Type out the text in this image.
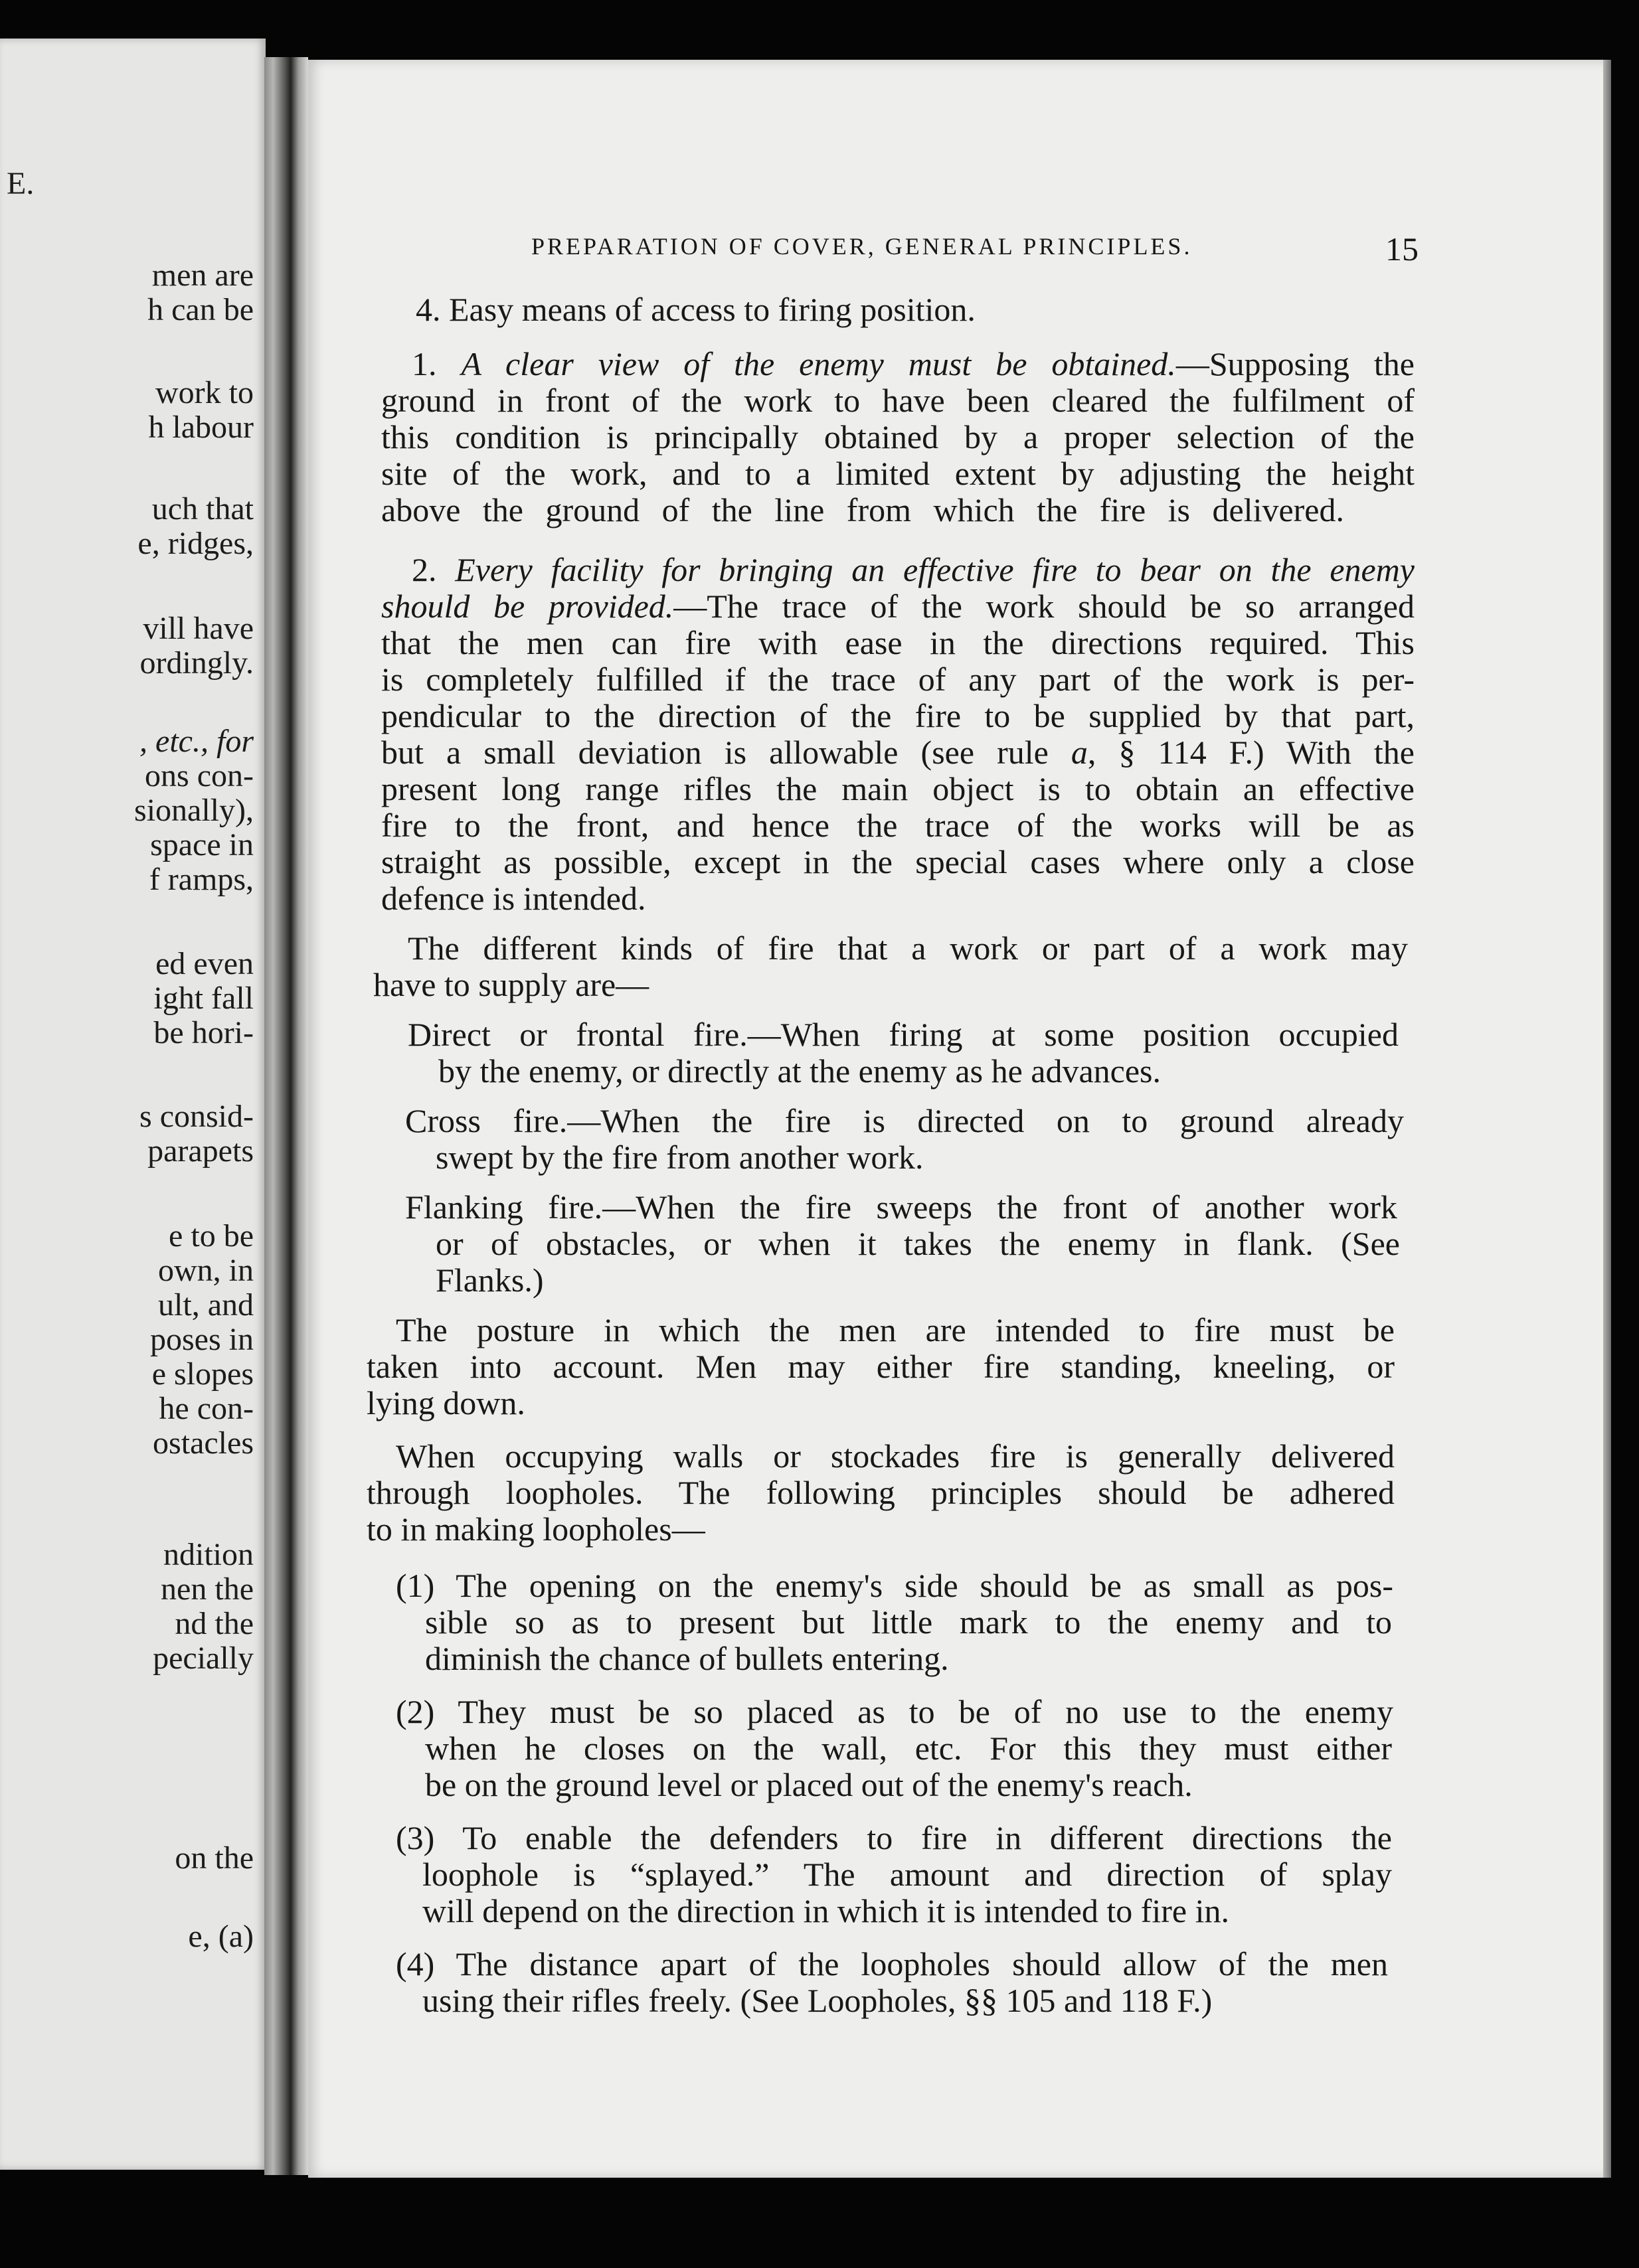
E.
men are
h can be
work to
h labour
uch that
e, ridges,
vill have
ordingly.
, etc., for
ons con-
sionally),
space in
f ramps,
ed even
ight fall
be hori-
s consid-
parapets
e to be
own, in
ult, and
poses in
e slopes
he con-
ostacles
ndition
nen the
nd the
pecially
on the
e, (a)
PREPARATION OF COVER, GENERAL PRINCIPLES.	15
4. Easy means of access to firing position.
1. A clear view of the enemy must be obtained.—Supposing the
ground in front of the work to have been cleared the fulfilment of
this condition is principally obtained by a proper selection of the
site of the work, and to a limited extent by adjusting the height
above the ground of the line from which the fire is delivered.
2. Every facility for bringing an effective fire to bear on the enemy
should be provided.—The trace of the work should be so arranged
that the men can fire with ease in the directions required. This
is completely fulfilled if the trace of any part of the work is per-
pendicular to the direction of the fire to be supplied by that part,
but a small deviation is allowable (see rule a, § 114 F.) With the
present long range rifles the main object is to obtain an effective
fire to the front, and hence the trace of the works will be as
straight as possible, except in the special cases where only a close
defence is intended.
The different kinds of fire that a work or part of a work may
have to supply are—
Direct or frontal fire.—When firing at some position occupied
by the enemy, or directly at the enemy as he advances.
Cross fire.—When the fire is directed on to ground already
swept by the fire from another work.
Flanking fire.—When the fire sweeps the front of another work
or of obstacles, or when it takes the enemy in flank. (See
Flanks.)
The posture in which the men are intended to fire must be
taken into account. Men may either fire standing, kneeling, or
lying down.
When occupying walls or stockades fire is generally delivered
through loopholes. The following principles should be adhered
to in making loopholes—
(1) The opening on the enemy's side should be as small as pos-
sible so as to present but little mark to the enemy and to
diminish the chance of bullets entering.
(2) They must be so placed as to be of no use to the enemy
when he closes on the wall, etc. For this they must either
be on the ground level or placed out of the enemy's reach.
(3) To enable the defenders to fire in different directions the
loophole is “splayed.” The amount and direction of splay
will depend on the direction in which it is intended to fire in.
(4) The distance apart of the loopholes should allow of the men
using their rifles freely. (See Loopholes, §§ 105 and 118 F.)
